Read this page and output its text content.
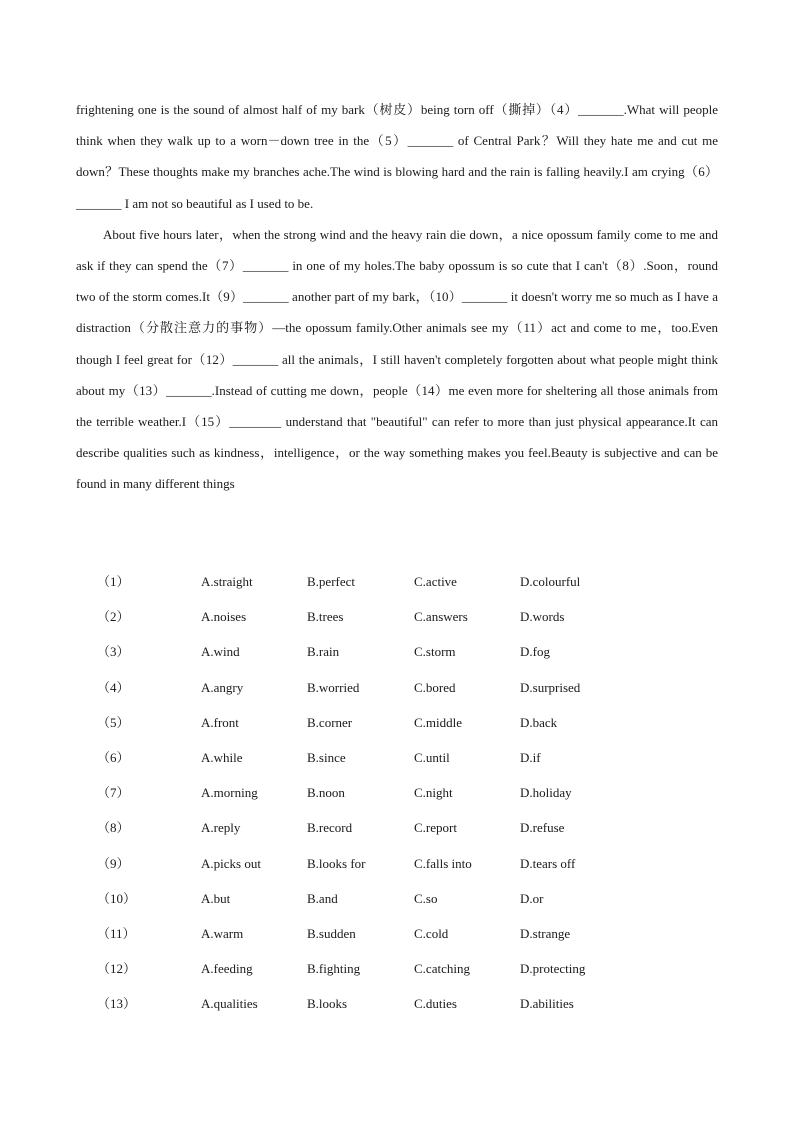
frightening one is the sound of almost half of my bark（树皮）being torn off（撕掉）（4）_______.What will people think when they walk up to a worn－down tree in the（5）_______ of Central Park？Will they hate me and cut me down？These thoughts make my branches ache.The wind is blowing hard and the rain is falling heavily.I am crying（6）_______ I am not so beautiful as I used to be.

About five hours later，when the strong wind and the heavy rain die down，a nice opossum family come to me and ask if they can spend the（7）_______ in one of my holes.The baby opossum is so cute that I can't（8）.Soon，round two of the storm comes.It（9）_______ another part of my bark，（10）_______ it doesn't worry me so much as I have a distraction（分散注意力的事物）—the opossum family.Other animals see my（11）act and come to me，too.Even though I feel great for（12）_______ all the animals，I still haven't completely forgotten about what people might think about my（13）_______.Instead of cutting me down，people（14）me even more for sheltering all those animals from the terrible weather.I（15）________ understand that "beautiful" can refer to more than just physical appearance.It can describe qualities such as kindness，intelligence，or the way something makes you feel.Beauty is subjective and can be found in many different things

（1）	A.straight	B.perfect	C.active	D.colourful
（2）	A.noises	B.trees	C.answers	D.words
（3）	A.wind	B.rain	C.storm	D.fog
（4）	A.angry	B.worried	C.bored	D.surprised
（5）	A.front	B.corner	C.middle	D.back
（6）	A.while	B.since	C.until	D.if
（7）	A.morning	B.noon	C.night	D.holiday
（8）	A.reply	B.record	C.report	D.refuse
（9）	A.picks out	B.looks for	C.falls into	D.tears off
（10）	A.but	B.and	C.so	D.or
（11）	A.warm	B.sudden	C.cold	D.strange
（12）	A.feeding	B.fighting	C.catching	D.protecting
（13）	A.qualities	B.looks	C.duties	D.abilities
